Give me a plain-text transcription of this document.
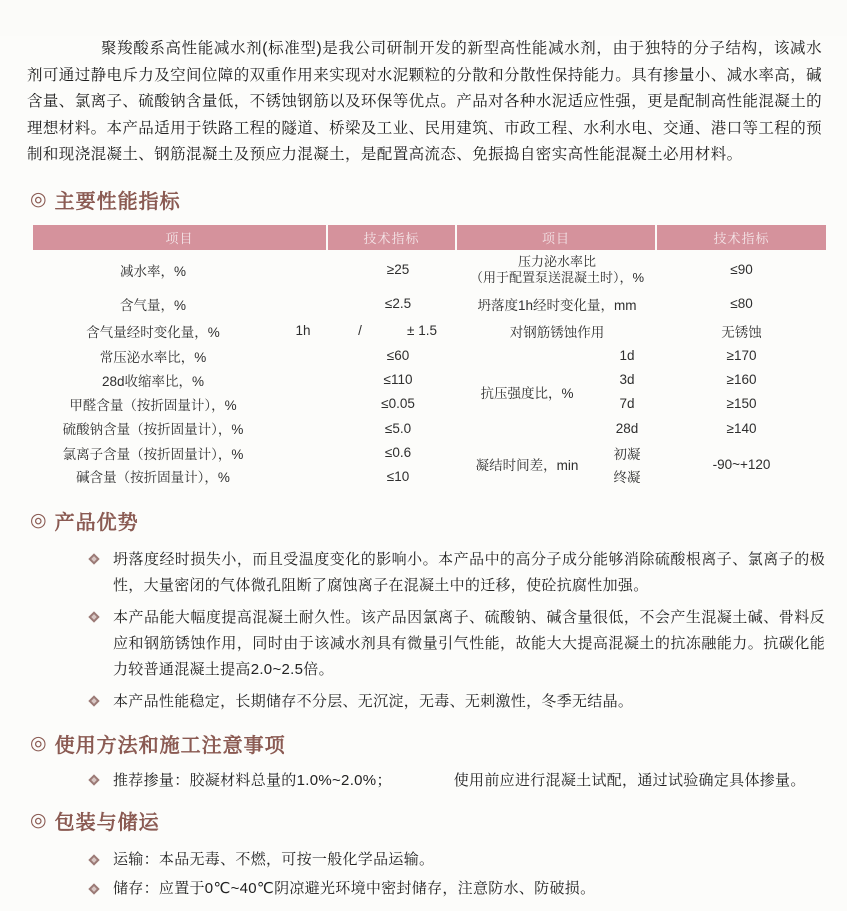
聚羧酸系高性能减水剂(标准型)是我公司研制开发的新型高性能减水剂，由于独特的分子结构，该减水剂可通过静电斥力及空间位障的双重作用来实现对水泥颗粒的分散和分散性保持能力。具有掺量小、减水率高，碱含量、氯离子、硫酸钠含量低，不锈蚀钢筋以及环保等优点。产品对各种水泥适应性强，更是配制高性能混凝土的理想材料。本产品适用于铁路工程的隧道、桥梁及工业、民用建筑、市政工程、水利水电、交通、港口等工程的预制和现浇混凝土、钢筋混凝土及预应力混凝土，是配置高流态、免振捣自密实高性能混凝土必用材料。

◎ 主要性能指标
项目	技术指标	项目	技术指标
减水率，%	≥25
含气量，%	≤2.5
含气量经时变化量，%	1h	/	± 1.5
常压泌水率比，%	≤60
28d收缩率比，%	≤110
甲醛含量（按折固量计），%	≤0.05
硫酸钠含量（按折固量计），%	≤5.0
氯离子含量（按折固量计），%	≤0.6
碱含量（按折固量计），%	≤10
压力泌水率比
（用于配置泵送混凝土时），%	≤90
坍落度1h经时变化量，mm	≤80
对钢筋锈蚀作用	无锈蚀
抗压强度比，%
1d
3d
7d
28d
≥170
≥160
≥150
≥140
凝结时间差，min
初凝
终凝
-90~+120
◎ 产品优势
坍落度经时损失小，而且受温度变化的影响小。本产品中的高分子成分能够消除硫酸根离子、氯离子的极性，大量密闭的气体微孔阻断了腐蚀离子在混凝土中的迁移，使砼抗腐性加强。
本产品能大幅度提高混凝土耐久性。该产品因氯离子、硫酸钠、碱含量很低，不会产生混凝土碱、骨料反应和钢筋锈蚀作用，同时由于该减水剂具有微量引气性能，故能大大提高混凝土的抗冻融能力。抗碳化能力较普通混凝土提高2.0~2.5倍。
本产品性能稳定，长期储存不分层、无沉淀，无毒、无刺激性，冬季无结晶。
◎ 使用方法和施工注意事项
推荐掺量：胶凝材料总量的1.0%~2.0%；	使用前应进行混凝土试配，通过试验确定具体掺量。
◎ 包装与储运
运输：本品无毒、不燃，可按一般化学品运输。
储存：应置于0℃~40℃阴凉避光环境中密封储存，注意防水、防破损。
